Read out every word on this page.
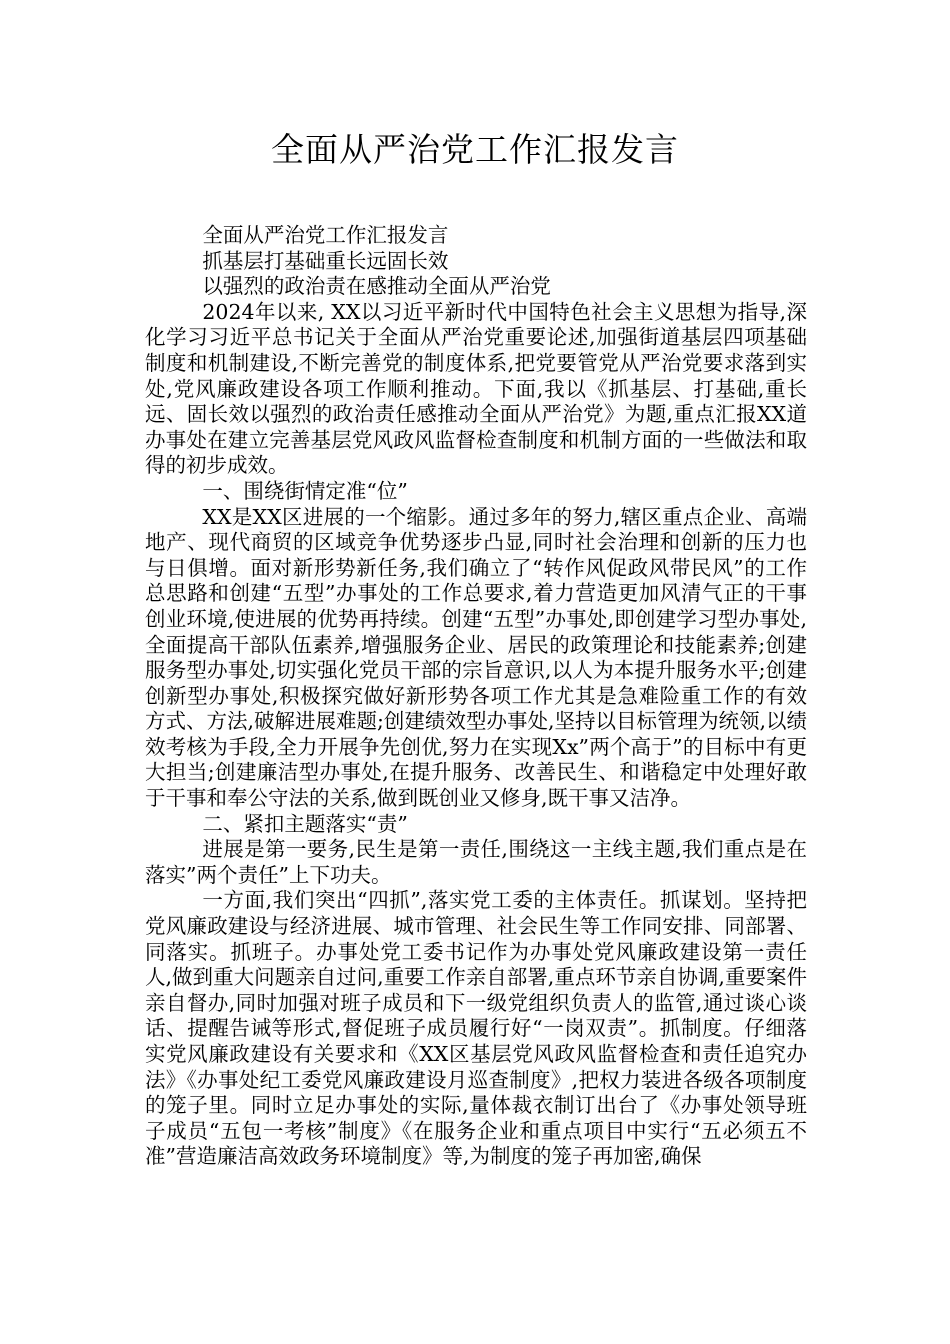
全面从严治党工作汇报发言

全面从严治党工作汇报发言

抓基层打基础重长远固长效

以强烈的政治责在感推动全面从严治党

2024年以来, XX以习近平新时代中国特色社会主义思想为指导,深化学习习近平总书记关于全面从严治党重要论述,加强街道基层四项基础制度和机制建设,不断完善党的制度体系,把党要管党从严治党要求落到实处,党风廉政建设各项工作顺利推动。下面,我以《抓基层、打基础,重长远、固长效以强烈的政治责任感推动全面从严治党》为题,重点汇报XX道办事处在建立完善基层党风政风监督检查制度和机制方面的一些做法和取得的初步成效。

一、围绕街情定准“位”

XX是XX区进展的一个缩影。通过多年的努力,辖区重点企业、高端地产、现代商贸的区域竞争优势逐步凸显,同时社会治理和创新的压力也与日俱增。面对新形势新任务,我们确立了“转作风促政风带民风”的工作总思路和创建“五型”办事处的工作总要求,着力营造更加风清气正的干事创业环境,使进展的优势再持续。创建“五型”办事处,即创建学习型办事处,全面提高干部队伍素养,增强服务企业、居民的政策理论和技能素养;创建服务型办事处,切实强化党员干部的宗旨意识,以人为本提升服务水平;创建创新型办事处,积极探究做好新形势各项工作尤其是急难险重工作的有效方式、方法,破解进展难题;创建绩效型办事处,坚持以目标管理为统领,以绩效考核为手段,全力开展争先创优,努力在实现Xx”两个高于”的目标中有更大担当;创建廉洁型办事处,在提升服务、改善民生、和谐稳定中处理好敢于干事和奉公守法的关系,做到既创业又修身,既干事又洁净。

二、紧扣主题落实“责”

进展是第一要务,民生是第一责任,围绕这一主线主题,我们重点是在落实”两个责任”上下功夫。

一方面,我们突出“四抓”,落实党工委的主体责任。抓谋划。坚持把党风廉政建设与经济进展、城市管理、社会民生等工作同安排、同部署、同落实。抓班子。办事处党工委书记作为办事处党风廉政建设第一责任人,做到重大问题亲自过问,重要工作亲自部署,重点环节亲自协调,重要案件亲自督办,同时加强对班子成员和下一级党组织负责人的监管,通过谈心谈话、提醒告诫等形式,督促班子成员履行好“一岗双责”。抓制度。仔细落实党风廉政建设有关要求和《XX区基层党风政风监督检查和责任追究办法》《办事处纪工委党风廉政建设月巡查制度》,把权力装进各级各项制度的笼子里。同时立足办事处的实际,量体裁衣制订出台了《办事处领导班子成员“五包一考核”制度》《在服务企业和重点项目中实行“五必须五不准”营造廉洁高效政务环境制度》等,为制度的笼子再加密,确保
